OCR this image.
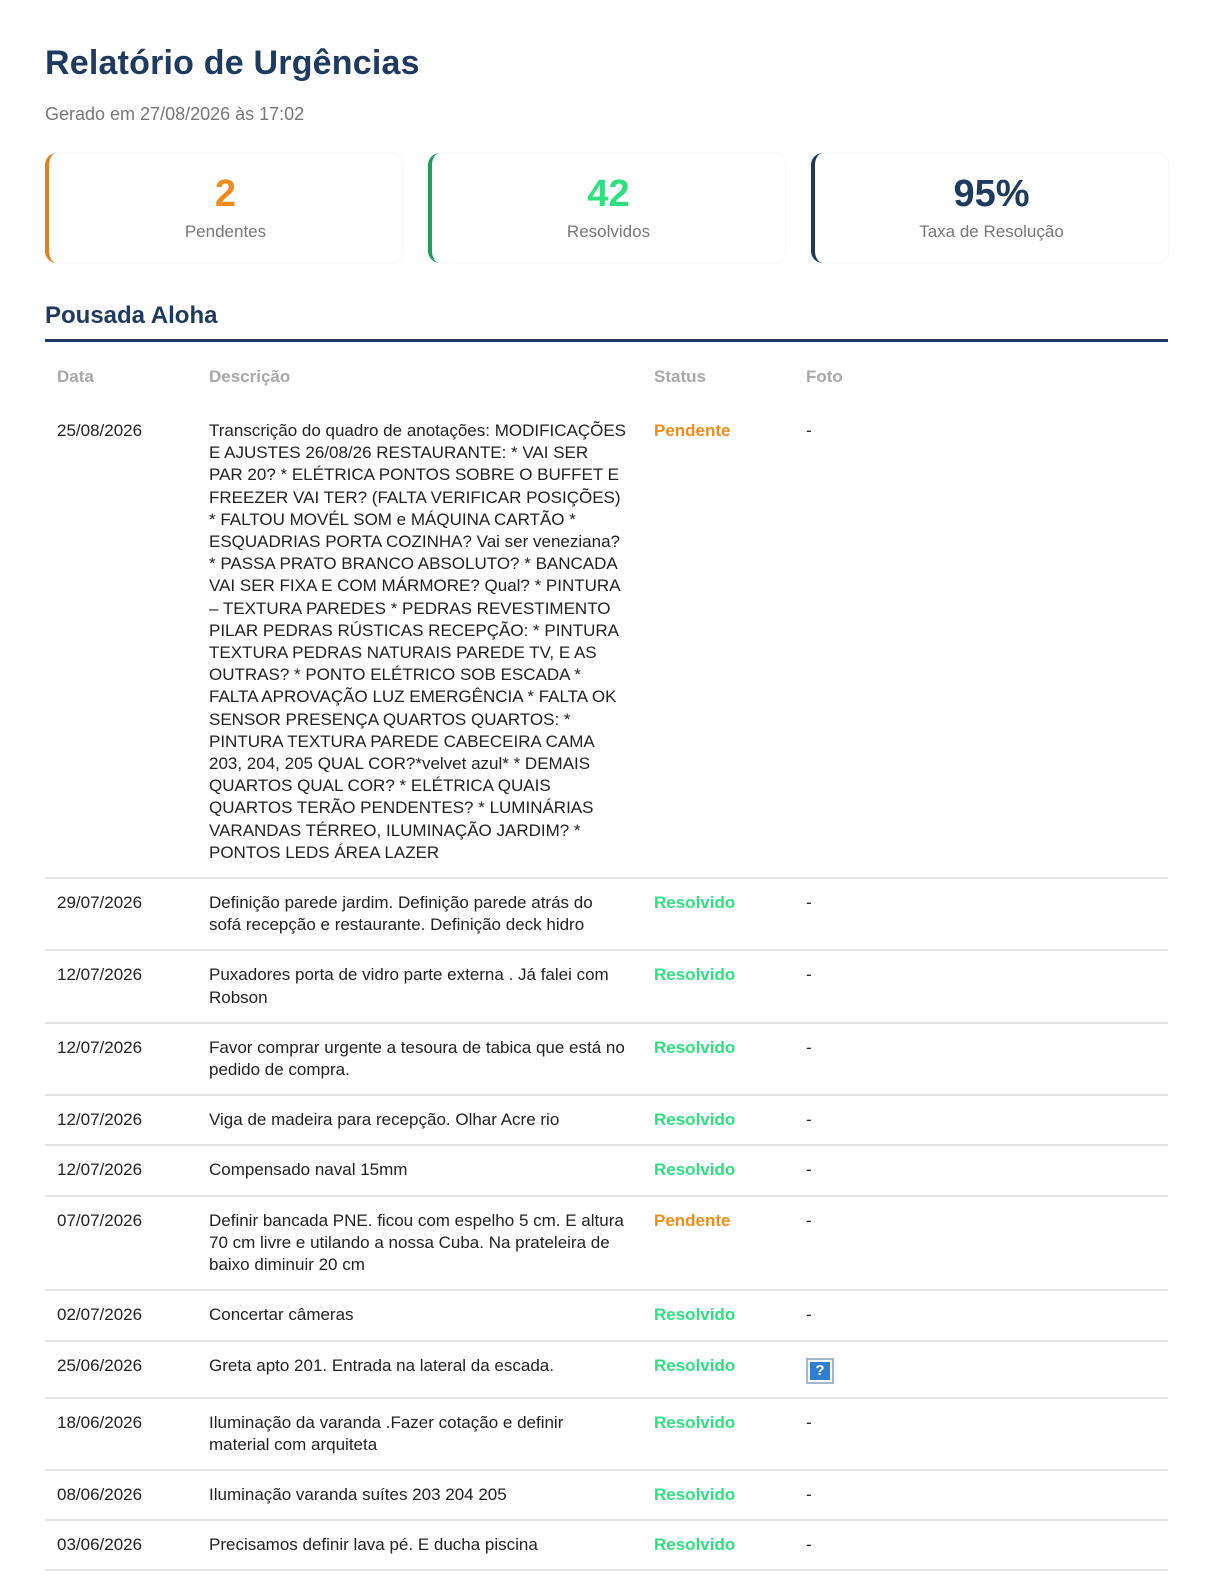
Relatório de Urgências
Gerado em 27/08/2026 às 17:02
2
Pendentes
42
Resolvidos
95%
Taxa de Resolução
Pousada Aloha
Data	Descrição	Status	Foto
25/08/2026	Transcrição do quadro de anotações: MODIFICAÇÕES E AJUSTES 26/08/26 RESTAURANTE: * VAI SER PAR 20? * ELÉTRICA PONTOS SOBRE O BUFFET E FREEZER VAI TER? (FALTA VERIFICAR POSIÇÕES) * FALTOU MOVÉL SOM e MÁQUINA CARTÃO * ESQUADRIAS PORTA COZINHA? Vai ser veneziana? * PASSA PRATO BRANCO ABSOLUTO? * BANCADA VAI SER FIXA E COM MÁRMORE? Qual? * PINTURA – TEXTURA PAREDES * PEDRAS REVESTIMENTO PILAR PEDRAS RÚSTICAS RECEPÇÃO: * PINTURA TEXTURA PEDRAS NATURAIS PAREDE TV, E AS OUTRAS? * PONTO ELÉTRICO SOB ESCADA * FALTA APROVAÇÃO LUZ EMERGÊNCIA * FALTA OK SENSOR PRESENÇA QUARTOS QUARTOS: * PINTURA TEXTURA PAREDE CABECEIRA CAMA 203, 204, 205 QUAL COR?*velvet azul* * DEMAIS QUARTOS QUAL COR? * ELÉTRICA QUAIS QUARTOS TERÃO PENDENTES? * LUMINÁRIAS VARANDAS TÉRREO, ILUMINAÇÃO JARDIM? * PONTOS LEDS ÁREA LAZER	Pendente	-
29/07/2026	Definição parede jardim. Definição parede atrás do sofá recepção e restaurante. Definição deck hidro	Resolvido	-
12/07/2026	Puxadores porta de vidro parte externa . Já falei com Robson	Resolvido	-
12/07/2026	Favor comprar urgente a tesoura de tabica que está no pedido de compra.	Resolvido	-
12/07/2026	Viga de madeira para recepção. Olhar Acre rio	Resolvido	-
12/07/2026	Compensado naval 15mm	Resolvido	-
07/07/2026	Definir bancada PNE. ficou com espelho 5 cm. E altura 70 cm livre e utilando a nossa Cuba. Na prateleira de baixo diminuir 20 cm	Pendente	-
02/07/2026	Concertar câmeras	Resolvido	-
25/06/2026	Greta apto 201. Entrada na lateral da escada.	Resolvido	?

18/06/2026	Iluminação da varanda .Fazer cotação e definir material com arquiteta	Resolvido	-
08/06/2026	Iluminação varanda suítes 203 204 205	Resolvido	-
03/06/2026	Precisamos definir lava pé. E ducha piscina	Resolvido	-
